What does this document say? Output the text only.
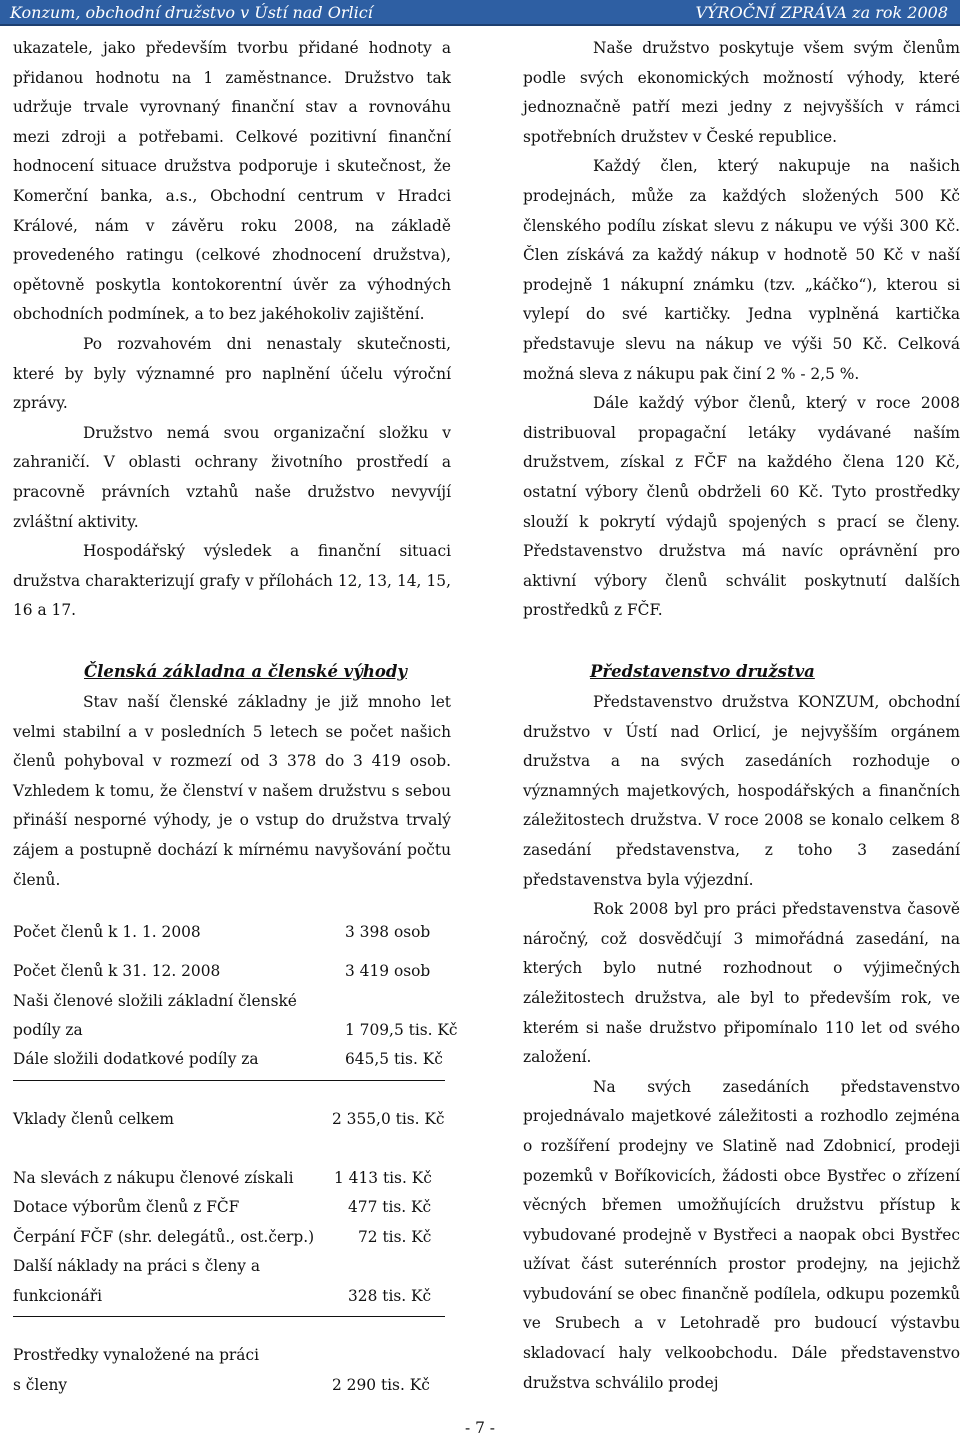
Konzum, obchodní družstvo v Ústí nad Orlicí	VÝROČNÍ ZPRÁVA za rok 2008

ukazatele, jako především tvorbu přidané hodnoty a přidanou hodnotu na 1 zaměstnance. Družstvo tak udržuje trvale vyrovnaný finanční stav a rovnováhu mezi zdroji a potřebami. Celkové pozitivní finanční hodnocení situace družstva podporuje i skutečnost, že Komerční banka, a.s., Obchodní centrum v Hradci Králové, nám v závěru roku 2008, na základě provedeného ratingu (celkové zhodnocení družstva), opětovně poskytla kontokorentní úvěr za výhodných obchodních podmínek, a to bez jakéhokoliv zajištění.

Po rozvahovém dni nenastaly skutečnosti, které by byly významné pro naplnění účelu výroční zprávy.

Družstvo nemá svou organizační složku v zahraničí. V oblasti ochrany životního prostředí a pracovně právních vztahů naše družstvo nevyvíjí zvláštní aktivity.

Hospodářský výsledek a finanční situaci družstva charakterizují grafy v přílohách 12, 13, 14, 15, 16 a 17.

Naše družstvo poskytuje všem svým členům podle svých ekonomických možností výhody, které jednoznačně patří mezi jedny z nejvyšších v rámci spotřebních družstev v České republice.

Každý člen, který nakupuje na našich prodejnách, může za každých složených 500 Kč členského podílu získat slevu z nákupu ve výši 300 Kč. Člen získává za každý nákup v hodnotě 50 Kč v naší prodejně 1 nákupní známku (tzv. „káčko“), kterou si vylepí do své kartičky. Jedna vyplněná kartička představuje slevu na nákup ve výši 50 Kč. Celková možná sleva z nákupu pak činí 2 % - 2,5 %.

Dále každý výbor členů, který v roce 2008 distribuoval propagační letáky vydávané naším družstvem, získal z FČF na každého člena 120 Kč, ostatní výbory členů obdrželi 60 Kč. Tyto prostředky slouží k pokrytí výdajů spojených s prací se členy. Představenstvo družstva má navíc oprávnění pro aktivní výbory členů schválit poskytnutí dalších prostředků z FČF.

Členská základna a členské výhody

Stav naší členské základny je již mnoho let velmi stabilní a v posledních 5 letech se počet našich členů pohyboval v rozmezí od 3 378 do 3 419 osob. Vzhledem k tomu, že členství v našem družstvu s sebou přináší nesporné výhody, je o vstup do družstva trvalý zájem a postupně dochází k mírnému navyšování počtu členů.

Počet členů k 1. 1. 2008	3 398 osob
Počet členů k 31. 12. 2008	3 419 osob
Naši členové složili základní členské
podíly za	1 709,5 tis. Kč
Dále složili dodatkové podíly za	645,5 tis. Kč
Vklady členů celkem	2 355,0 tis. Kč
Na slevách z nákupu členové získali	1 413 tis. Kč
Dotace výborům členů z FČF	477 tis. Kč
Čerpání FČF (shr. delegátů., ost.čerp.)	72 tis. Kč
Další náklady na práci s členy a
funkcionáři	328 tis. Kč
Prostředky vynaložené na práci
s členy	2 290 tis. Kč
Představenstvo družstva

Představenstvo družstva KONZUM, obchodní družstvo v Ústí nad Orlicí, je nejvyšším orgánem družstva a na svých zasedáních rozhoduje o významných majetkových, hospodářských a finančních záležitostech družstva. V roce 2008 se konalo celkem 8 zasedání představenstva, z toho 3 zasedání představenstva byla výjezdní.

Rok 2008 byl pro práci představenstva časově náročný, což dosvědčují 3 mimořádná zasedání, na kterých bylo nutné rozhodnout o výjimečných záležitostech družstva, ale byl to především rok, ve kterém si naše družstvo připomínalo 110 let od svého založení.

Na svých zasedáních představenstvo projednávalo majetkové záležitosti a rozhodlo zejména o rozšíření prodejny ve Slatině nad Zdobnicí, prodeji pozemků v Boříkovicích, žádosti obce Bystřec o zřízení věcných břemen umožňujících družstvu přístup k vybudované prodejně v Bystřeci a naopak obci Bystřec užívat část suterénních prostor prodejny, na jejichž vybudování se obec finančně podílela, odkupu pozemků ve Srubech a v Letohradě pro budoucí výstavbu skladovací haly velkoobchodu. Dále představenstvo družstva schválilo prodej

- 7 -
